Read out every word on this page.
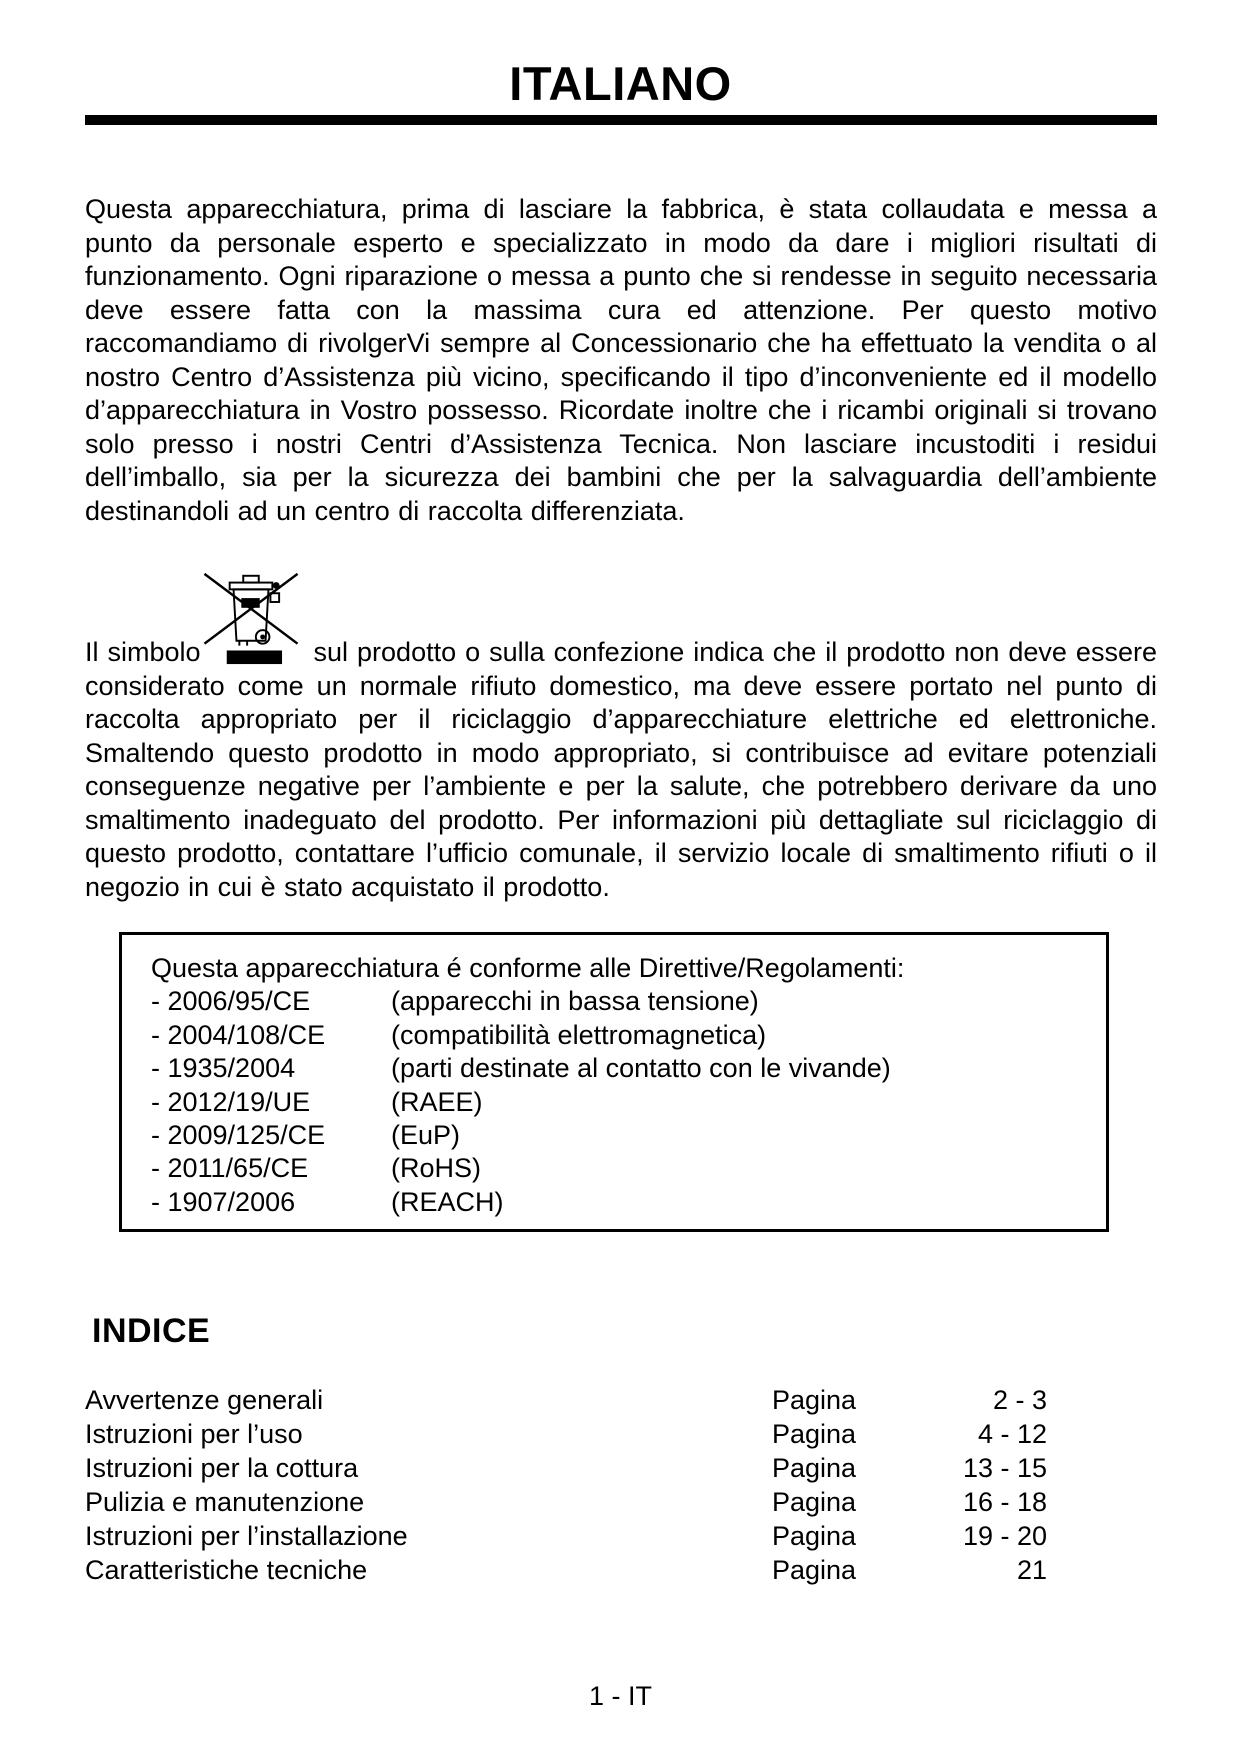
ITALIANO

Questa apparecchiatura, prima di lasciare la fabbrica, è stata collaudata e messa a punto da personale esperto e specializzato in modo da dare i migliori risultati di funzionamento. Ogni riparazione o messa a punto che si rendesse in seguito necessaria deve essere fatta con la massima cura ed attenzione. Per questo motivo raccomandiamo di rivolgerVi sempre al Concessionario che ha effettuato la vendita o al nostro Centro d’Assistenza più vicino, specificando il tipo d’inconveniente ed il modello d’apparecchiatura in Vostro possesso. Ricordate inoltre che i ricambi originali si trovano solo presso i nostri Centri d’Assistenza Tecnica. Non lasciare incustoditi i residui dell’imballo, sia per la sicurezza dei bambini che per la salvaguardia dell’ambiente destinandoli ad un centro di raccolta differenziata.

Il simbolo	sul prodotto o sulla confezione indica che il prodotto non deve essere considerato come un normale rifiuto domestico, ma deve essere portato nel punto di raccolta appropriato per il riciclaggio d’apparecchiature elettriche ed elettroniche. Smaltendo questo prodotto in modo appropriato, si contribuisce ad evitare potenziali conseguenze negative per l’ambiente e per la salute, che potrebbero derivare da uno smaltimento inadeguato del prodotto. Per informazioni più dettagliate sul riciclaggio di questo prodotto, contattare l’ufficio comunale, il servizio locale di smaltimento rifiuti o il negozio in cui è stato acquistato il prodotto.

Questa apparecchiatura é conforme alle Direttive/Regolamenti:
- 2006/95/CE	(apparecchi in bassa tensione)
- 2004/108/CE	(compatibilità elettromagnetica)
- 1935/2004	(parti destinate al contatto con le vivande)
- 2012/19/UE	(RAEE)
- 2009/125/CE	(EuP)
- 2011/65/CE	(RoHS)
- 1907/2006	(REACH)
INDICE
Avvertenze generali	Pagina	2 - 3
Istruzioni per l’uso	Pagina	4 - 12
Istruzioni per la cottura	Pagina	13 - 15
Pulizia e manutenzione	Pagina	16 - 18
Istruzioni per l’installazione	Pagina	19 - 20
Caratteristiche tecniche	Pagina	21
1 - IT
